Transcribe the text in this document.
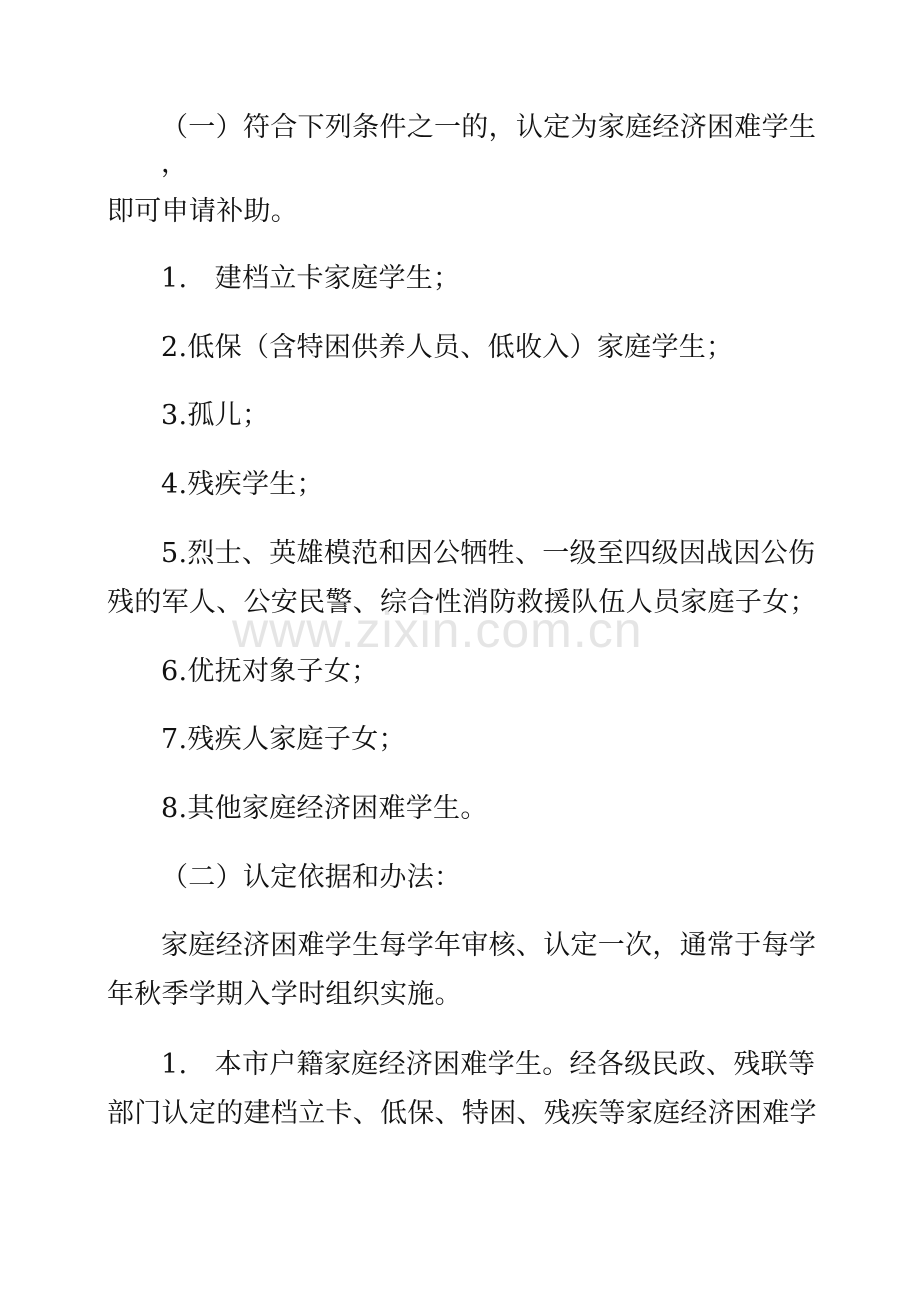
www.zixin.com.cn
（一）符合下列条件之一的，认定为家庭经济困难学生
，
即可申请补助。
1.　建档立卡家庭学生；
2.低保（含特困供养人员、低收入）家庭学生；
3.孤儿；
4.残疾学生；
5.烈士、英雄模范和因公牺牲、一级至四级因战因公伤
残的军人、公安民警、综合性消防救援队伍人员家庭子女；
6.优抚对象子女；
7.残疾人家庭子女；
8.其他家庭经济困难学生。
（二）认定依据和办法：
家庭经济困难学生每学年审核、认定一次，通常于每学
年秋季学期入学时组织实施。
1.　本市户籍家庭经济困难学生。经各级民政、残联等
部门认定的建档立卡、低保、特困、残疾等家庭经济困难学
